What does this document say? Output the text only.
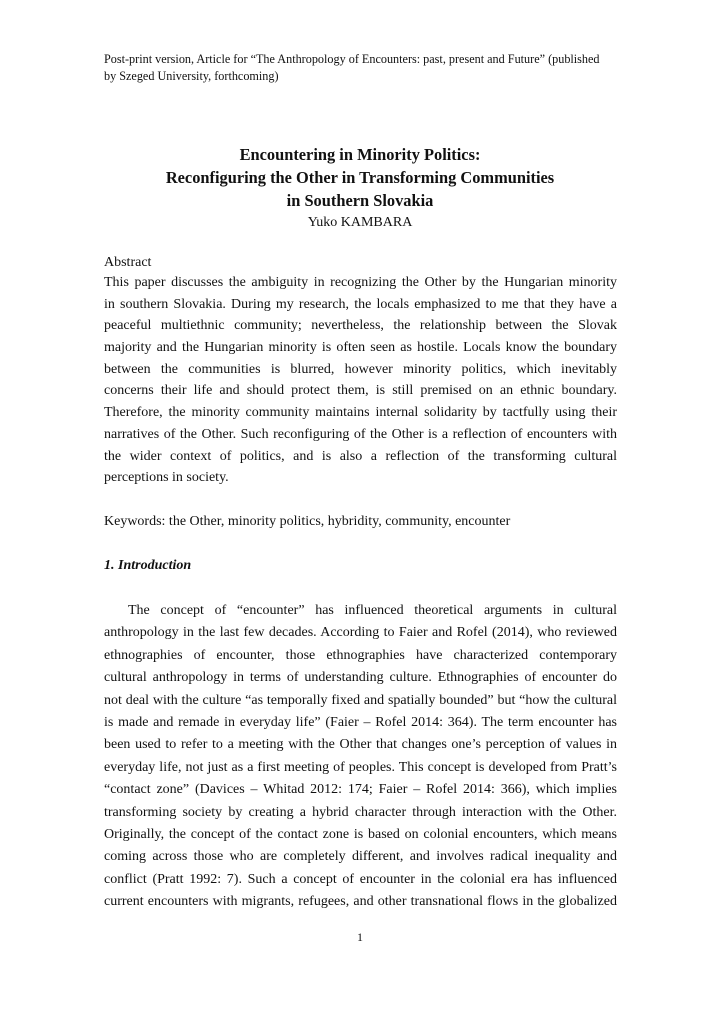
Post-print version, Article for “The Anthropology of Encounters: past, present and Future” (published
by Szeged University, forthcoming)
Encountering in Minority Politics:
Reconfiguring the Other in Transforming Communities
in Southern Slovakia
Yuko KAMBARA
Abstract
This paper discusses the ambiguity in recognizing the Other by the Hungarian minority
in southern Slovakia. During my research, the locals emphasized to me that they have a
peaceful multiethnic community; nevertheless, the relationship between the Slovak
majority and the Hungarian minority is often seen as hostile. Locals know the boundary
between the communities is blurred, however minority politics, which inevitably
concerns their life and should protect them, is still premised on an ethnic boundary.
Therefore, the minority community maintains internal solidarity by tactfully using their
narratives of the Other. Such reconfiguring of the Other is a reflection of encounters with
the wider context of politics, and is also a reflection of the transforming cultural
perceptions in society.
Keywords: the Other, minority politics, hybridity, community, encounter
1. Introduction
The concept of “encounter” has influenced theoretical arguments in cultural
anthropology in the last few decades. According to Faier and Rofel (2014), who reviewed
ethnographies of encounter, those ethnographies have characterized contemporary
cultural anthropology in terms of understanding culture. Ethnographies of encounter do
not deal with the culture “as temporally fixed and spatially bounded” but “how the cultural
is made and remade in everyday life” (Faier – Rofel 2014: 364). The term encounter has
been used to refer to a meeting with the Other that changes one’s perception of values in
everyday life, not just as a first meeting of peoples. This concept is developed from Pratt’s
“contact zone” (Davices – Whitad 2012: 174; Faier – Rofel 2014: 366), which implies
transforming society by creating a hybrid character through interaction with the Other.
Originally, the concept of the contact zone is based on colonial encounters, which means
coming across those who are completely different, and involves radical inequality and
conflict (Pratt 1992: 7). Such a concept of encounter in the colonial era has influenced
current encounters with migrants, refugees, and other transnational flows in the globalized
1
